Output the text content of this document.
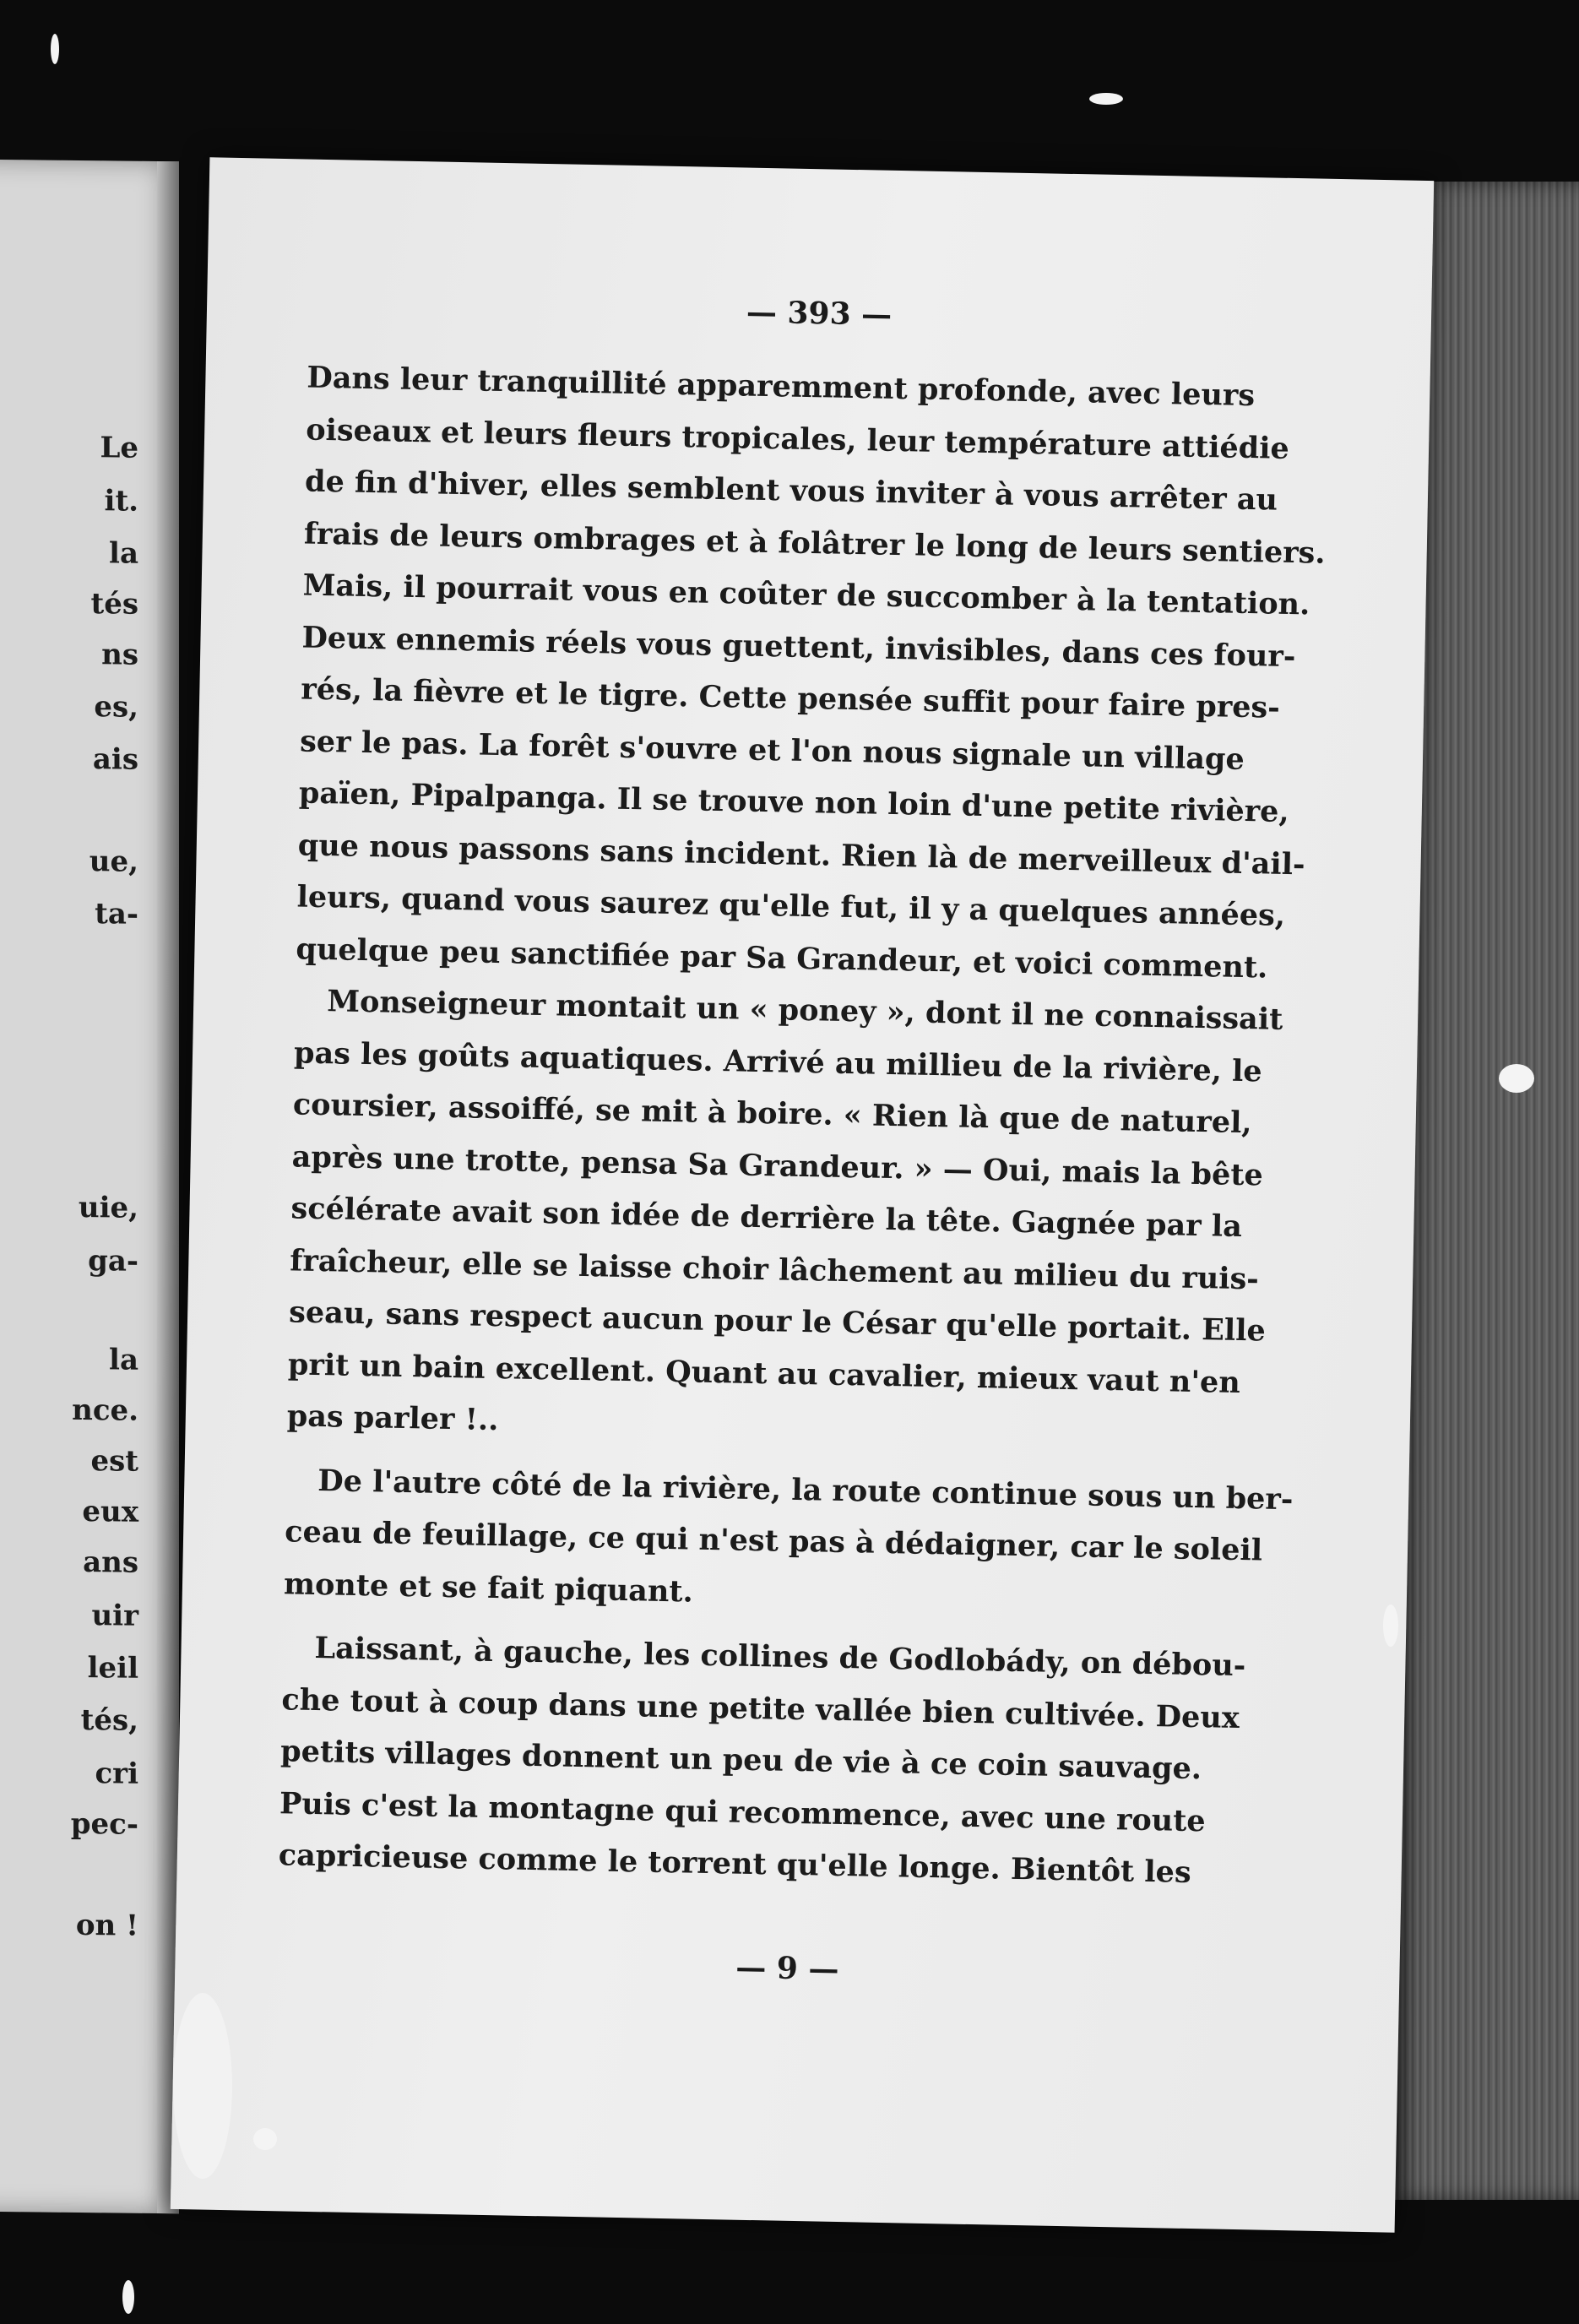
Le
it.
la
tés
ns
es,
ais
ue,
ta-
uie,
ga-
la
nce.
est
eux
ans
uir
leil
tés,
cri
pec-
on !
— 393 —
Dans leur tranquillité apparemment profonde, avec leurs
oiseaux et leurs fleurs tropicales, leur température attiédie
de fin d'hiver, elles semblent vous inviter à vous arrêter au
frais de leurs ombrages et à folâtrer le long de leurs sentiers.
Mais, il pourrait vous en coûter de succomber à la tentation.
Deux ennemis réels vous guettent, invisibles, dans ces four-
rés, la fièvre et le tigre. Cette pensée suffit pour faire pres-
ser le pas. La forêt s'ouvre et l'on nous signale un village
païen, Pipalpanga. Il se trouve non loin d'une petite rivière,
que nous passons sans incident. Rien là de merveilleux d'ail-
leurs, quand vous saurez qu'elle fut, il y a quelques années,
quelque peu sanctifiée par Sa Grandeur, et voici comment.
Monseigneur montait un « poney », dont il ne connaissait
pas les goûts aquatiques. Arrivé au millieu de la rivière, le
coursier, assoiffé, se mit à boire. « Rien là que de naturel,
après une trotte, pensa Sa Grandeur. » — Oui, mais la bête
scélérate avait son idée de derrière la tête. Gagnée par la
fraîcheur, elle se laisse choir lâchement au milieu du ruis-
seau, sans respect aucun pour le César qu'elle portait. Elle
prit un bain excellent. Quant au cavalier, mieux vaut n'en
pas parler !..
De l'autre côté de la rivière, la route continue sous un ber-
ceau de feuillage, ce qui n'est pas à dédaigner, car le soleil
monte et se fait piquant.
Laissant, à gauche, les collines de Godlobády, on débou-
che tout à coup dans une petite vallée bien cultivée. Deux
petits villages donnent un peu de vie à ce coin sauvage.
Puis c'est la montagne qui recommence, avec une route
capricieuse comme le torrent qu'elle longe. Bientôt les
— 9 —
